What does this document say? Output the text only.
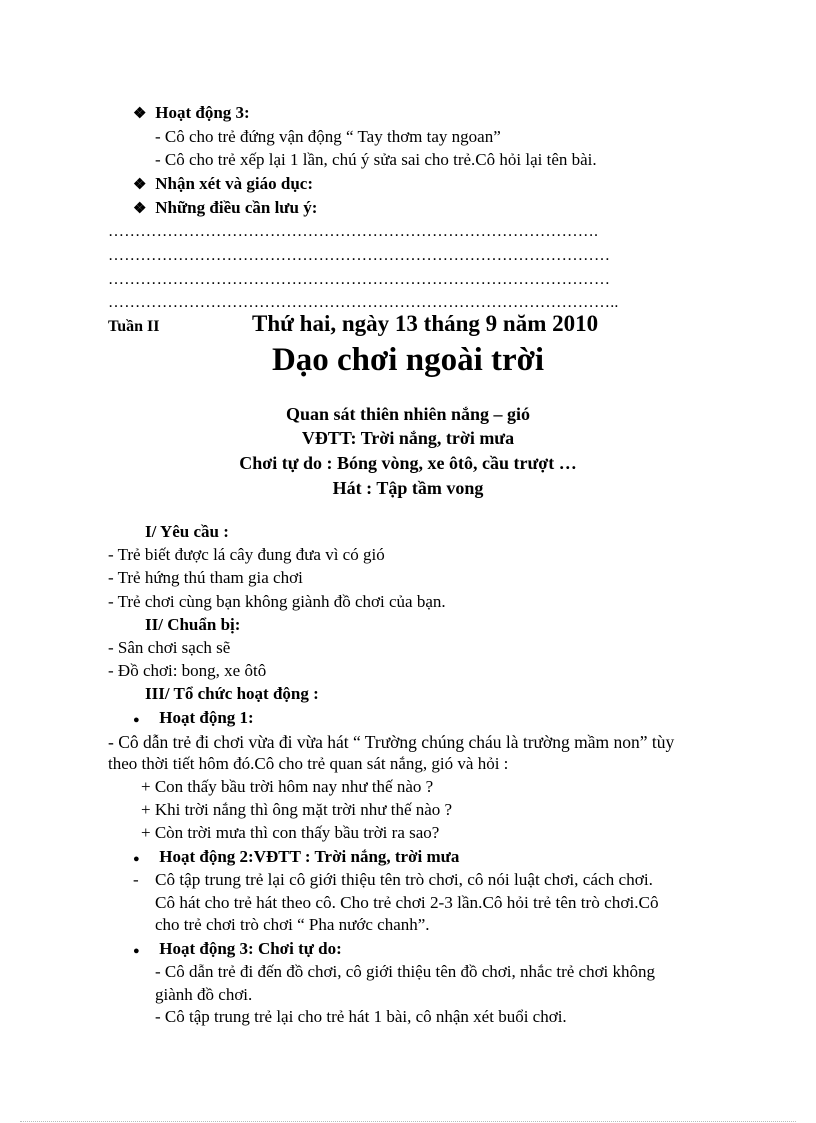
❖ Hoạt động 3:
- Cô cho trẻ đứng vận động “ Tay thơm tay ngoan”
- Cô cho trẻ xếp lại 1 lần, chú ý sửa sai cho trẻ.Cô hỏi lại tên bài.
❖ Nhận xét và giáo dục:
❖ Những điều cần lưu ý:
……………………………………………………………………………….
…………………………………………………………………………………
…………………………………………………………………………………
…………………………………………………………………………………..
Tuần II	Thứ hai, ngày 13 tháng 9 năm 2010
Dạo chơi ngoài trời
Quan sát thiên nhiên nắng – gió
VĐTT: Trời nắng, trời mưa
Chơi tự do : Bóng vòng, xe ôtô, cầu trượt …
Hát : Tập tầm vong
I/ Yêu cầu :
- Trẻ biết được lá cây đung đưa vì có gió
- Trẻ hứng thú tham gia chơi
- Trẻ chơi cùng bạn không giành đồ chơi của bạn.
II/ Chuẩn bị:
- Sân chơi sạch sẽ
- Đồ chơi: bong, xe ôtô
III/ Tổ chức hoạt động :
● Hoạt động 1:
- Cô dẫn trẻ đi chơi vừa đi vừa hát “ Trường chúng cháu là trường mầm non” tùy
theo thời tiết hôm đó.Cô cho trẻ quan sát nắng, gió và hỏi :
+ Con thấy bầu trời hôm nay như thế nào ?
+ Khi trời nắng thì ông mặt trời như thế nào ?
+ Còn trời mưa thì con thấy bầu trời ra sao?
● Hoạt động 2:VĐTT : Trời nắng, trời mưa
- Cô tập trung trẻ lại cô giới thiệu tên trò chơi, cô nói luật chơi, cách chơi.
Cô hát cho trẻ hát theo cô. Cho trẻ chơi 2-3 lần.Cô hỏi trẻ tên trò chơi.Cô
cho trẻ chơi trò chơi “ Pha nước chanh”.
● Hoạt động 3: Chơi tự do:
- Cô dẫn trẻ đi đến đồ chơi, cô giới thiệu tên đồ chơi, nhắc trẻ chơi không
giành đồ chơi.
- Cô tập trung trẻ lại cho trẻ hát 1 bài, cô nhận xét buổi chơi.
